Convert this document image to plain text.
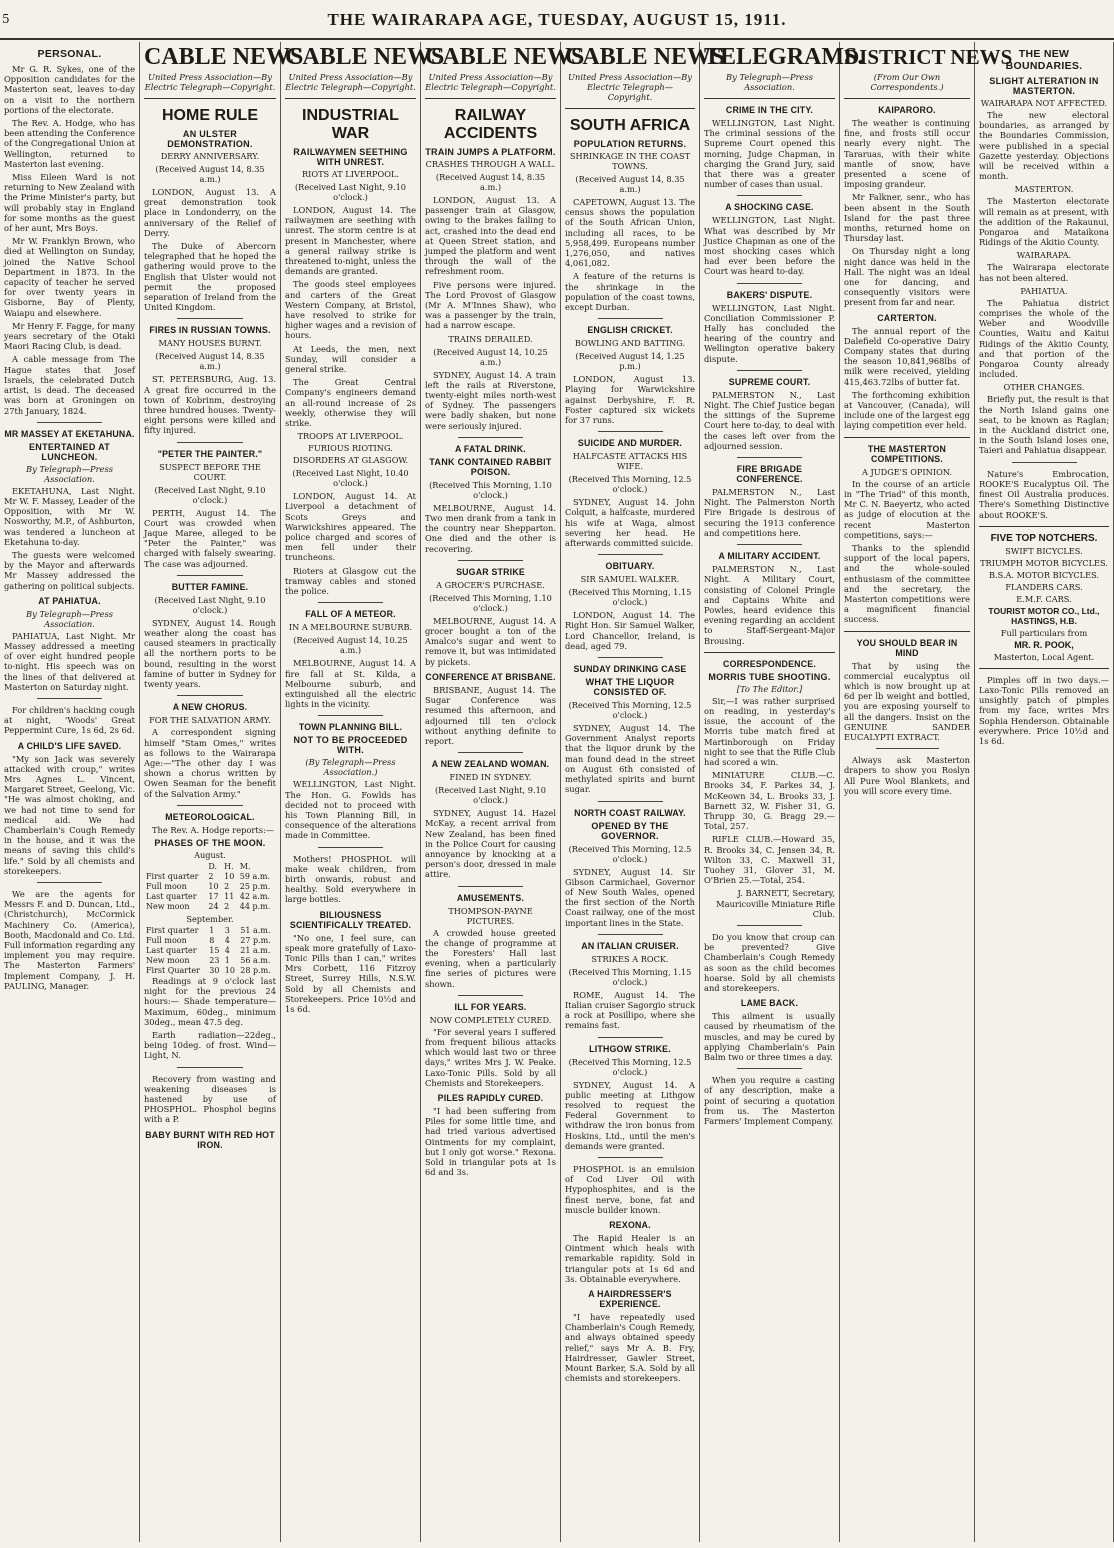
5	THE WAIRARAPA AGE, TUESDAY, AUGUST 15, 1911.
PERSONAL.

Mr G. R. Sykes, one of the Opposition candidates for the Masterton seat, leaves to-day on a visit to the northern portions of the electorate.

The Rev. A. Hodge, who has been attending the Conference of the Congregational Union at Wellington, returned to Masterton last evening.

Miss Eileen Ward is not returning to New Zealand with the Prime Minister's party, but will probably stay in England for some months as the guest of her aunt, Mrs Boys.

Mr W. Franklyn Brown, who died at Wellington on Sunday, joined the Native School Department in 1873. In the capacity of teacher he served for over twenty years in Gisborne, Bay of Plenty, Waiapu and elsewhere.

Mr Henry F. Fagge, for many years secretary of the Otaki Maori Racing Club, is dead.

A cable message from The Hague states that Josef Israels, the celebrated Dutch artist, is dead. The deceased was born at Groningen on 27th January, 1824.

MR MASSEY AT EKETAHUNA.
ENTERTAINED AT LUNCHEON.
By Telegraph—Press Association.

EKETAHUNA, Last Night. Mr W. F. Massey, Leader of the Opposition, with Mr W. Nosworthy, M.P., of Ashburton, was tendered a luncheon at Eketahuna to-day.

The guests were welcomed by the Mayor and afterwards Mr Massey addressed the gathering on political subjects.

AT PAHIATUA.
By Telegraph—Press Association.

PAHIATUA, Last Night. Mr Massey addressed a meeting of over eight hundred people to-night. His speech was on the lines of that delivered at Masterton on Saturday night.

For children's hacking cough at night, 'Woods' Great Peppermint Cure, 1s 6d, 2s 6d.

A CHILD'S LIFE SAVED.

"My son Jack was severely attacked with croup," writes Mrs Agnes L. Vincent, Margaret Street, Geelong, Vic. "He was almost choking, and we had not time to send for medical aid. We had Chamberlain's Cough Remedy in the house, and it was the means of saving this child's life." Sold by all chemists and storekeepers.

We are the agents for Messrs F. and D. Duncan, Ltd., (Christchurch), McCormick Machinery Co. (America), Booth, Macdonald and Co. Ltd. Full information regarding any implement you may require. The Masterton Farmers' Implement Company, J. H. PAULING, Manager.

CABLE NEWS
United Press Association—By Electric Telegraph—Copyright.
HOME RULE
AN ULSTER DEMONSTRATION.
DERRY ANNIVERSARY.
(Received August 14, 8.35 a.m.)

LONDON, August 13. A great demonstration took place in Londonderry, on the anniversary of the Relief of Derry.

The Duke of Abercorn telegraphed that he hoped the gathering would prove to the English that Ulster would not permit the proposed separation of Ireland from the United Kingdom.

FIRES IN RUSSIAN TOWNS.
MANY HOUSES BURNT.
(Received August 14, 8.35 a.m.)

ST. PETERSBURG, Aug. 13. A great fire occurred in the town of Kobrinm, destroying three hundred houses. Twenty-eight persons were killed and fifty injured.

"PETER THE PAINTER."
SUSPECT BEFORE THE COURT.
(Received Last Night, 9.10 o'clock.)

PERTH, August 14. The Court was crowded when Jaque Maree, alleged to be "Peter the Painter," was charged with falsely swearing. The case was adjourned.

BUTTER FAMINE.
(Received Last Night, 9.10 o'clock.)

SYDNEY, August 14. Rough weather along the coast has caused steamers in practically all the northern ports to be bound, resulting in the worst famine of butter in Sydney for twenty years.

A NEW CHORUS.
FOR THE SALVATION ARMY.

A correspondent signing himself "Stam Omes," writes as follows to the Wairarapa Age:—"The other day I was shown a chorus written by Owen Seaman for the benefit of the Salvation Army."

METEOROLOGICAL.

The Rev. A. Hodge reports:—

PHASES OF THE MOON.
August.
	D.	H.	M.
First quarter	2	10	59 a.m.
Full moon	10	2	25 p.m.
Last quarter	17	11	42 a.m.
New moon	24	2	44 p.m.
September.
First quarter	1	3	51 a.m.
Full moon	8	4	27 p.m.
Last quarter	15	4	21 a.m.
New moon	23	1	56 a.m.
First Quarter	30	10	28 p.m.

Readings at 9 o'clock last night for the previous 24 hours:— Shade temperature—Maximum, 60deg., minimum 30deg., mean 47.5 deg.

Earth radiation—22deg., being 10deg. of frost. Wind—Light, N.

Recovery from wasting and weakening diseases is hastened by use of PHOSPHOL. Phosphol begins with a P.

BABY BURNT WITH RED HOT IRON.
CABLE NEWS
United Press Association—By Electric Telegraph—Copyright.
INDUSTRIAL WAR
RAILWAYMEN SEETHING WITH UNREST.
RIOTS AT LIVERPOOL.
(Received Last Night, 9.10 o'clock.)

LONDON, August 14. The railwaymen are seething with unrest. The storm centre is at present in Manchester, where a general railway strike is threatened to-night, unless the demands are granted.

The goods steel employees and carters of the Great Western Company, at Bristol, have resolved to strike for higher wages and a revision of hours.

At Leeds, the men, next Sunday, will consider a general strike.

The Great Central Company's engineers demand an all-round increase of 2s weekly, otherwise they will strike.

TROOPS AT LIVERPOOL.
FURIOUS RIOTING.
DISORDERS AT GLASGOW.
(Received Last Night, 10.40 o'clock.)

LONDON, August 14. At Liverpool a detachment of Scots Greys and Warwickshires appeared. The police charged and scores of men fell under their truncheons.

Rioters at Glasgow cut the tramway cables and stoned the police.

FALL OF A METEOR.
IN A MELBOURNE SUBURB.
(Received August 14, 10.25 a.m.)

MELBOURNE, August 14. A fire fall at St. Kilda, a Melbourne suburb, and extinguished all the electric lights in the vicinity.

TOWN PLANNING BILL.
NOT TO BE PROCEEDED WITH.
(By Telegraph—Press Association.)

WELLINGTON, Last Night. The Hon. G. Fowlds has decided not to proceed with his Town Planning Bill, in consequence of the alterations made in Committee.

Mothers! PHOSPHOL will make weak children, from birth onwards, robust and healthy. Sold everywhere in large bottles.

BILIOUSNESS SCIENTIFICALLY TREATED.

"No one, I feel sure, can speak more gratefully of Laxo-Tonic Pills than I can," writes Mrs Corbett, 116 Fitzroy Street, Surrey Hills, N.S.W. Sold by all Chemists and Storekeepers. Price 10½d and 1s 6d.

CABLE NEWS
United Press Association—By Electric Telegraph—Copyright.
RAILWAY ACCIDENTS
TRAIN JUMPS A PLATFORM.
CRASHES THROUGH A WALL.
(Received August 14, 8.35 a.m.)

LONDON, August 13. A passenger train at Glasgow, owing to the brakes failing to act, crashed into the dead end at Queen Street station, and jumped the platform and went through the wall of the refreshment room.

Five persons were injured. The Lord Provost of Glasgow (Mr A. M'Innes Shaw), who was a passenger by the train, had a narrow escape.

TRAINS DERAILED.
(Received August 14, 10.25 a.m.)

SYDNEY, August 14. A train left the rails at Riverstone, twenty-eight miles north-west of Sydney. The passengers were badly shaken, but none were seriously injured.

A FATAL DRINK.
TANK CONTAINED RABBIT POISON.
(Received This Morning, 1.10 o'clock.)

MELBOURNE, August 14. Two men drank from a tank in the country near Shepparton. One died and the other is recovering.

SUGAR STRIKE
A GROCER'S PURCHASE.
(Received This Morning, 1.10 o'clock.)

MELBOURNE, August 14. A grocer bought a ton of the Amalco's sugar and went to remove it, but was intimidated by pickets.

CONFERENCE AT BRISBANE.

BRISBANE, August 14. The Sugar Conference was resumed this afternoon, and adjourned till ten o'clock without anything definite to report.

A NEW ZEALAND WOMAN.
FINED IN SYDNEY.
(Received Last Night, 9.10 o'clock.)

SYDNEY, August 14. Hazel McKay, a recent arrival from New Zealand, has been fined in the Police Court for causing annoyance by knocking at a person's door, dressed in male attire.

AMUSEMENTS.
THOMPSON-PAYNE PICTURES.

A crowded house greeted the change of programme at the Foresters' Hall last evening, when a particularly fine series of pictures were shown.

ILL FOR YEARS.
NOW COMPLETELY CURED.

"For several years I suffered from frequent bilious attacks which would last two or three days," writes Mrs J. W. Peake. Laxo-Tonic Pills. Sold by all Chemists and Storekeepers.

PILES RAPIDLY CURED.

"I had been suffering from Piles for some little time, and had tried various advertised Ointments for my complaint, but I only got worse." Rexona. Sold in triangular pots at 1s 6d and 3s.

CABLE NEWS
United Press Association—By Electric Telegraph—Copyright.
SOUTH AFRICA
POPULATION RETURNS.
SHRINKAGE IN THE COAST TOWNS.
(Received August 14, 8.35 a.m.)

CAPETOWN, August 13. The census shows the population of the South African Union, including all races, to be 5,958,499. Europeans number 1,276,050, and natives 4,061,082.

A feature of the returns is the shrinkage in the population of the coast towns, except Durban.

ENGLISH CRICKET.
BOWLING AND BATTING.
(Received August 14, 1.25 p.m.)

LONDON, August 13. Playing for Warwickshire against Derbyshire, F. R. Foster captured six wickets for 37 runs.

SUICIDE AND MURDER.
HALFCASTE ATTACKS HIS WIFE.
(Received This Morning, 12.5 o'clock.)

SYDNEY, August 14. John Colquit, a halfcaste, murdered his wife at Waga, almost severing her head. He afterwards committed suicide.

OBITUARY.
SIR SAMUEL WALKER.
(Received This Morning, 1.15 o'clock.)

LONDON, August 14. The Right Hon. Sir Samuel Walker, Lord Chancellor, Ireland, is dead, aged 79.

SUNDAY DRINKING CASE
WHAT THE LIQUOR CONSISTED OF.
(Received This Morning, 12.5 o'clock.)

SYDNEY, August 14. The Government Analyst reports that the liquor drunk by the man found dead in the street on August 6th consisted of methylated spirits and burnt sugar.

NORTH COAST RAILWAY.
OPENED BY THE GOVERNOR.
(Received This Morning, 12.5 o'clock.)

SYDNEY, August 14. Sir Gibson Carmichael, Governor of New South Wales, opened the first section of the North Coast railway, one of the most important lines in the State.

AN ITALIAN CRUISER.
STRIKES A ROCK.
(Received This Morning, 1.15 o'clock.)

ROME, August 14. The Italian cruiser Sagorgio struck a rock at Posillipo, where she remains fast.

LITHGOW STRIKE.
(Received This Morning, 12.5 o'clock.)

SYDNEY, August 14. A public meeting at Lithgow resolved to request the Federal Government to withdraw the iron bonus from Hoskins, Ltd., until the men's demands were granted.

PHOSPHOL is an emulsion of Cod Liver Oil with Hypophosphites, and is the finest nerve, bone, fat and muscle builder known.

REXONA.

The Rapid Healer is an Ointment which heals with remarkable rapidity. Sold in triangular pots at 1s 6d and 3s. Obtainable everywhere.

A HAIRDRESSER'S EXPERIENCE.

"I have repeatedly used Chamberlain's Cough Remedy, and always obtained speedy relief," says Mr A. B. Fry, Hairdresser, Gawler Street, Mount Barker, S.A. Sold by all chemists and storekeepers.

TELEGRAMS.
By Telegraph—Press Association.
CRIME IN THE CITY.

WELLINGTON, Last Night. The criminal sessions of the Supreme Court opened this morning, Judge Chapman, in charging the Grand Jury, said that there was a greater number of cases than usual.

A SHOCKING CASE.

WELLINGTON, Last Night. What was described by Mr Justice Chapman as one of the most shocking cases which had ever been before the Court was heard to-day.

BAKERS' DISPUTE.

WELLINGTON, Last Night. Conciliation Commissioner P. Hally has concluded the hearing of the country and Wellington operative bakery dispute.

SUPREME COURT.

PALMERSTON N., Last Night. The Chief Justice began the sittings of the Supreme Court here to-day, to deal with the cases left over from the adjourned session.

FIRE BRIGADE CONFERENCE.

PALMERSTON N., Last Night. The Palmerston North Fire Brigade is desirous of securing the 1913 conference and competitions here.

A MILITARY ACCIDENT.

PALMERSTON N., Last Night. A Military Court, consisting of Colonel Pringle and Captains White and Powles, heard evidence this evening regarding an accident to Staff-Sergeant-Major Brousing.

CORRESPONDENCE.
MORRIS TUBE SHOOTING.
[To The Editor.]

Sir,—I was rather surprised on reading, in yesterday's issue, the account of the Morris tube match fired at Martinborough on Friday night to see that the Rifle Club had scored a win.

MINIATURE CLUB.—C. Brooks 34, F. Parkes 34, J. McKeown 34, L. Brooks 33, J. Barnett 32, W. Fisher 31, G. Thrupp 30, G. Bragg 29.—Total, 257.

RIFLE CLUB.—Howard 35, R. Brooks 34, C. Jensen 34, R. Wilton 33, C. Maxwell 31, Tuohey 31, Glover 31, M. O'Brien 25.—Total, 254.

J. BARNETT, Secretary, Mauricoville Miniature Rifle Club.

Do you know that croup can be prevented? Give Chamberlain's Cough Remedy as soon as the child becomes hoarse. Sold by all chemists and storekeepers.

LAME BACK.

This ailment is usually caused by rheumatism of the muscles, and may be cured by applying Chamberlain's Pain Balm two or three times a day.

When you require a casting of any description, make a point of securing a quotation from us. The Masterton Farmers' Implement Company.

DISTRICT NEWS
(From Our Own Correspondents.)
KAIPARORO.

The weather is continuing fine, and frosts still occur nearly every night. The Tararuas, with their white mantle of snow, have presented a scene of imposing grandeur.

Mr Falkner, senr., who has been absent in the South Island for the past three months, returned home on Thursday last.

On Thursday night a long night dance was held in the Hall. The night was an ideal one for dancing, and consequently visitors were present from far and near.

CARTERTON.

The annual report of the Dalefield Co-operative Dairy Company states that during the season 10,841,968lbs of milk were received, yielding 415,463.72lbs of butter fat.

The forthcoming exhibition at Vancouver, (Canada), will include one of the largest egg laying competition ever held.

THE MASTERTON COMPETITIONS.
A JUDGE'S OPINION.

In the course of an article in "The Triad" of this month, Mr C. N. Baeyertz, who acted as judge of elocution at the recent Masterton competitions, says:—

Thanks to the splendid support of the local papers, and the whole-souled enthusiasm of the committee and the secretary, the Masterton competitions were a magnificent financial success.

YOU SHOULD BEAR IN MIND

That by using the commercial eucalyptus oil which is now brought up at 6d per lb weight and bottled, you are exposing yourself to all the dangers. Insist on the GENUINE SANDER EUCALYPTI EXTRACT.

Always ask Masterton drapers to show you Roslyn All Pure Wool Blankets, and you will score every time.

THE NEW BOUNDARIES.
SLIGHT ALTERATION IN MASTERTON.
WAIRARAPA NOT AFFECTED.

The new electoral boundaries, as arranged by the Boundaries Commission, were published in a special Gazette yesterday. Objections will be received within a month.

MASTERTON.

The Masterton electorate will remain as at present, with the addition of the Rakaunui, Pongaroa and Mataikona Ridings of the Akitio County.

WAIRARAPA.

The Wairarapa electorate has not been altered.

PAHIATUA.

The Pahiatua district comprises the whole of the Weber and Woodville Counties, Waitu and Kaitui Ridings of the Akitio County, and that portion of the Pongaroa County already included.

OTHER CHANGES.

Briefly put, the result is that the North Island gains one seat, to be known as Raglan; in the Auckland district one, in the South Island loses one, Taieri and Pahiatua disappear.

Nature's Embrocation, ROOKE'S Eucalyptus Oil. The finest Oil Australia produces. There's Something Distinctive about ROOKE'S.

FIVE TOP NOTCHERS.
SWIFT BICYCLES.
TRIUMPH MOTOR BICYCLES.
B.S.A. MOTOR BICYCLES.
FLANDERS CARS.
E.M.F. CARS.
TOURIST MOTOR CO., Ltd., HASTINGS, H.B.
Full particulars from
MR. R. POOK,
Masterton, Local Agent.

Pimples off in two days.—Laxo-Tonic Pills removed an unsightly patch of pimples from my face, writes Mrs Sophia Henderson. Obtainable everywhere. Price 10½d and 1s 6d.
